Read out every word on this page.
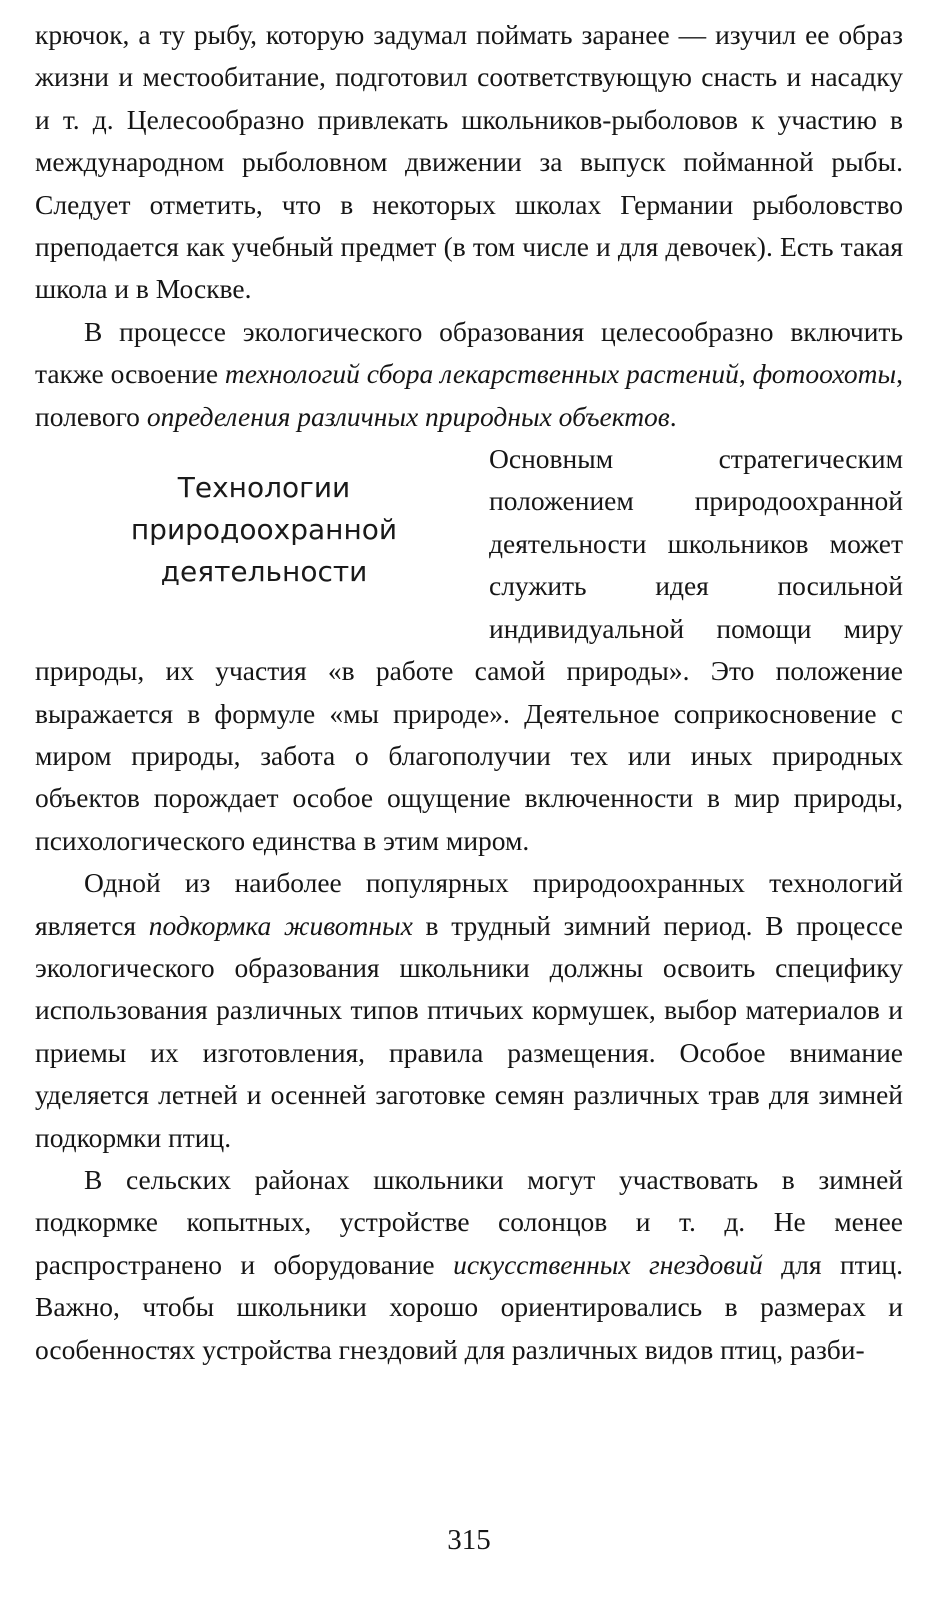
крючок, а ту рыбу, которую задумал поймать заранее — изучил ее образ жизни и местообитание, подготовил соответствующую снасть и насадку и т. д. Целесообразно привлекать школьников-рыболовов к участию в международном рыболовном движении за выпуск пойманной рыбы. Следует отметить, что в некоторых школах Германии рыболовство преподается как учебный предмет (в том числе и для девочек). Есть такая школа и в Москве.

В процессе экологического образования целесообразно включить также освоение технологий сбора лекарственных растений, фотоохоты, полевого определения различных природных объектов.

Технологии
природоохранной
деятельности

Основным стратегическим положением природоохранной деятельности школьников может служить идея посильной индивидуальной помощи миру природы, их участия «в работе самой природы». Это положение выражается в формуле «мы природе». Деятельное соприкосновение с миром природы, забота о благополучии тех или иных природных объектов порождает особое ощущение включенности в мир природы, психологического единства в этим миром.

Одной из наиболее популярных природоохранных технологий является подкормка животных в трудный зимний период. В процессе экологического образования школьники должны освоить специфику использования различных типов птичьих кормушек, выбор материалов и приемы их изготовления, правила размещения. Особое внимание уделяется летней и осенней заготовке семян различных трав для зимней подкормки птиц.

В сельских районах школьники могут участвовать в зимней подкормке копытных, устройстве солонцов и т. д. Не менее распространено и оборудование искусственных гнездовий для птиц. Важно, чтобы школьники хорошо ориентировались в размерах и особенностях устройства гнездовий для различных видов птиц, разби-

315
